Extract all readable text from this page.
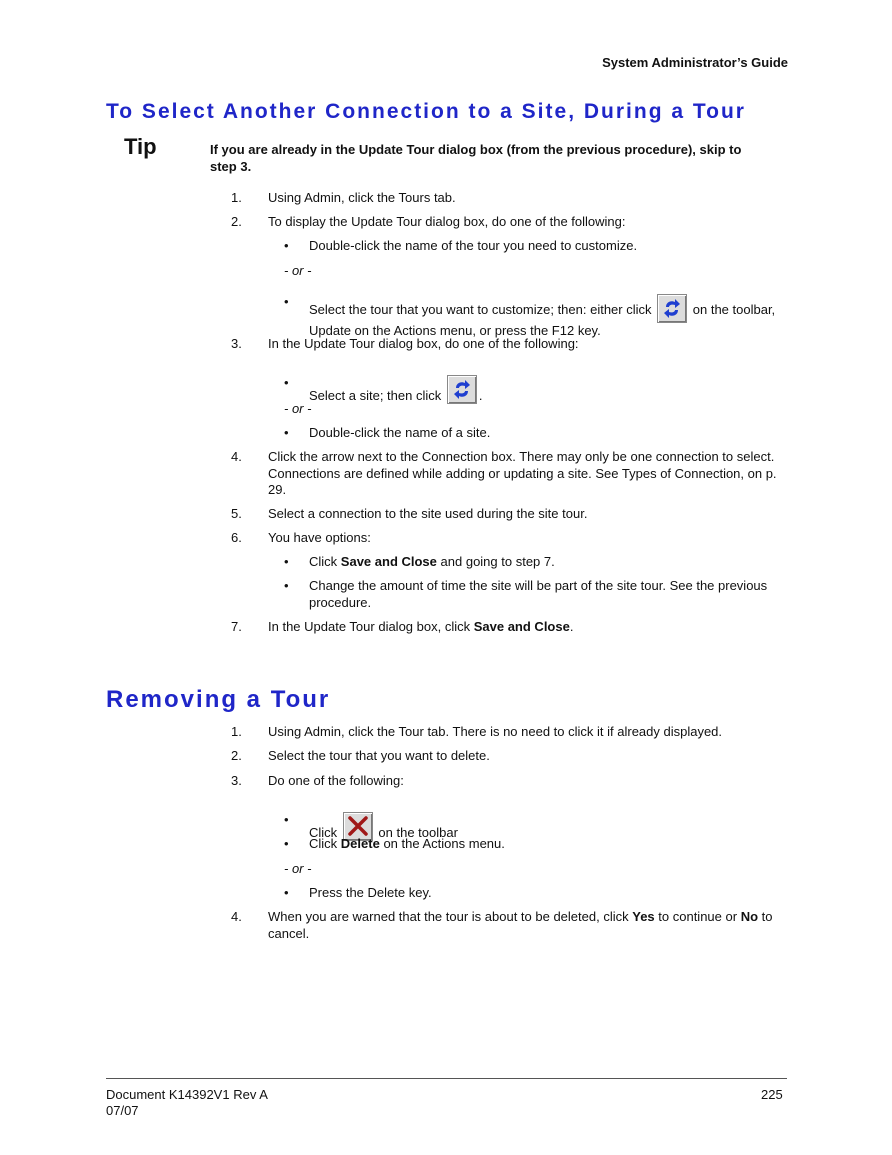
System Administrator’s Guide
To Select Another Connection to a Site, During a Tour
Tip	If you are already in the Update Tour dialog box (from the previous procedure), skip to step 3.
1. Using Admin, click the Tours tab.
2. To display the Update Tour dialog box, do one of the following:
• Double-click the name of the tour you need to customize.
- or -
•
Select the tour that you want to customize; then: either click	on the toolbar, Update on the Actions menu, or press the F12 key.
3. In the Update Tour dialog box, do one of the following:
•
Select a site; then click	.
- or -
• Double-click the name of a site.
4. Click the arrow next to the Connection box. There may only be one connection to select. Connections are defined while adding or updating a site. See Types of Connection, on p. 29.
5. Select a connection to the site used during the site tour.
6. You have options:
• Click Save and Close and going to step 7.
• Change the amount of time the site will be part of the site tour. See the previous procedure.
7. In the Update Tour dialog box, click Save and Close.
Removing a Tour
1. Using Admin, click the Tour tab. There is no need to click it if already displayed.
2. Select the tour that you want to delete.
3. Do one of the following:
•
Click	on the toolbar
• Click Delete on the Actions menu.
- or -
• Press the Delete key.
4. When you are warned that the tour is about to be deleted, click Yes to continue or No to cancel.
Document K14392V1 Rev A
07/07
225
